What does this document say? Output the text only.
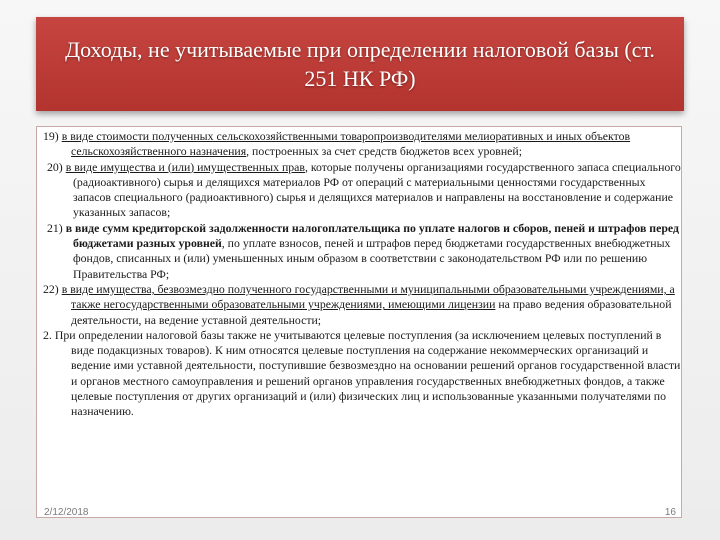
Доходы, не учитываемые при определении налоговой базы (ст. 251 НК РФ)

19) в виде стоимости полученных сельскохозяйственными товаропроизводителями мелиоративных и иных объектов сельскохозяйственного назначения, построенных за счет средств бюджетов всех уровней;

20) в виде имущества и (или) имущественных прав, которые получены организациями государственного запаса специального (радиоактивного) сырья и делящихся материалов РФ от операций с материальными ценностями государственных запасов специального (радиоактивного) сырья и делящихся материалов и направлены на восстановление и содержание указанных запасов;

21) в виде сумм кредиторской задолженности налогоплательщика по уплате налогов и сборов, пеней и штрафов перед бюджетами разных уровней, по уплате взносов, пеней и штрафов перед бюджетами государственных внебюджетных фондов, списанных и (или) уменьшенных иным образом в соответствии с законодательством РФ или по решению Правительства РФ;

22) в виде имущества, безвозмездно полученного государственными и муниципальными образовательными учреждениями, а также негосударственными образовательными учреждениями, имеющими лицензии на право ведения образовательной деятельности, на ведение уставной деятельности;

2. При определении налоговой базы также не учитываются целевые поступления (за исключением целевых поступлений в виде подакцизных товаров). К ним относятся целевые поступления на содержание некоммерческих организаций и ведение ими уставной деятельности, поступившие безвозмездно на основании решений органов государственной власти и органов местного самоуправления и решений органов управления государственных внебюджетных фондов, а также целевые поступления от других организаций и (или) физических лиц и использованные указанными получателями по назначению.

2/12/2018	16
